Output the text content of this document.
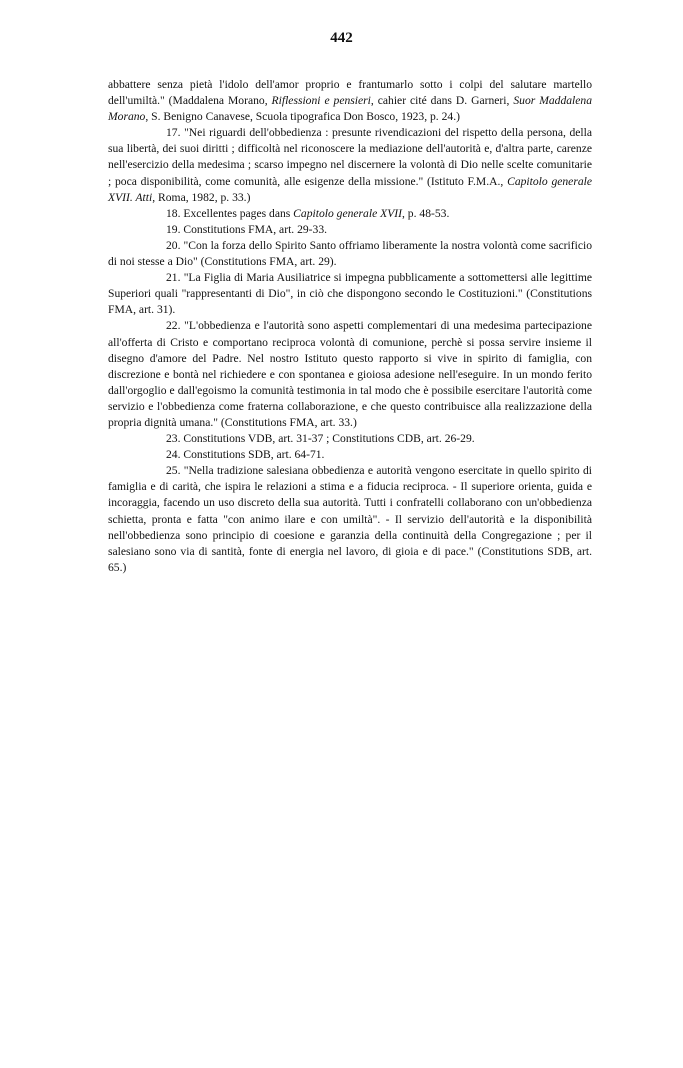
442

abbattere senza pietà l'idolo dell'amor proprio e frantumarlo sotto i colpi del salutare martello dell'umiltà." (Maddalena Morano, Riflessioni e pensieri, cahier cité dans D. Garneri, Suor Maddalena Morano, S. Benigno Canavese, Scuola tipografica Don Bosco, 1923, p. 24.)

17. "Nei riguardi dell'obbedienza : presunte rivendicazioni del rispetto della persona, della sua libertà, dei suoi diritti ; difficoltà nel riconoscere la mediazione dell'autorità e, d'altra parte, carenze nell'esercizio della medesima ; scarso impegno nel discernere la volontà di Dio nelle scelte comunitarie ; poca disponibilità, come comunità, alle esigenze della missione." (Istituto F.M.A., Capitolo generale XVII. Atti, Roma, 1982, p. 33.)

18. Excellentes pages dans Capitolo generale XVII, p. 48-53.

19. Constitutions FMA, art. 29-33.

20. "Con la forza dello Spirito Santo offriamo liberamente la nostra volontà come sacrificio di noi stesse a Dio" (Constitutions FMA, art. 29).

21. "La Figlia di Maria Ausiliatrice si impegna pubblicamente a sottomettersi alle legittime Superiori quali "rappresentanti di Dio", in ciò che dispongono secondo le Costituzioni." (Constitutions FMA, art. 31).

22. "L'obbedienza e l'autorità sono aspetti complementari di una medesima partecipazione all'offerta di Cristo e comportano reciproca volontà di comunione, perchè si possa servire insieme il disegno d'amore del Padre. Nel nostro Istituto questo rapporto si vive in spirito di famiglia, con discrezione e bontà nel richiedere e con spontanea e gioiosa adesione nell'eseguire. In un mondo ferito dall'orgoglio e dall'egoismo la comunità testimonia in tal modo che è possibile esercitare l'autorità come servizio e l'obbedienza come fraterna collaborazione, e che questo contribuisce alla realizzazione della propria dignità umana." (Constitutions FMA, art. 33.)

23. Constitutions VDB, art. 31-37 ; Constitutions CDB, art. 26-29.

24. Constitutions SDB, art. 64-71.

25. "Nella tradizione salesiana obbedienza e autorità vengono esercitate in quello spirito di famiglia e di carità, che ispira le relazioni a stima e a fiducia reciproca. - Il superiore orienta, guida e incoraggia, facendo un uso discreto della sua autorità. Tutti i confratelli collaborano con un'obbedienza schietta, pronta e fatta "con animo ilare e con umiltà". - Il servizio dell'autorità e la disponibilità nell'obbedienza sono principio di coesione e garanzia della continuità della Congregazione ; per il salesiano sono via di santità, fonte di energia nel lavoro, di gioia e di pace." (Constitutions SDB, art. 65.)
